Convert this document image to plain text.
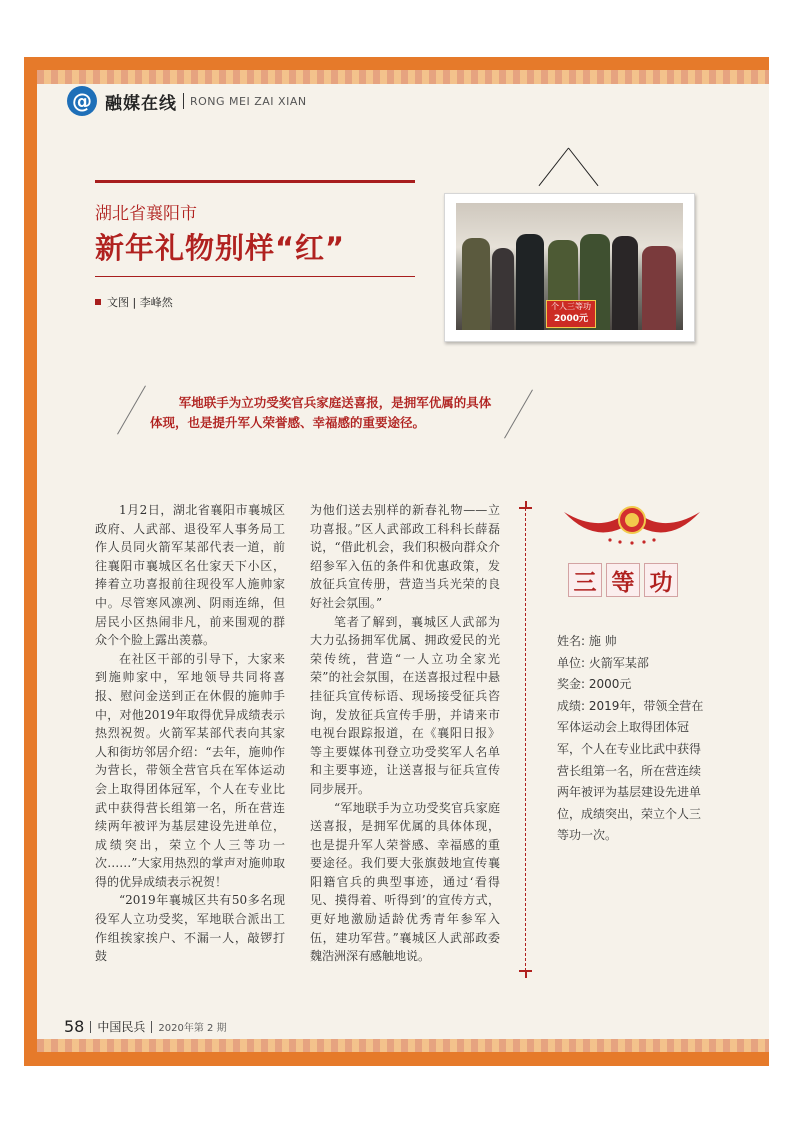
@ 融媒在线 RONG MEI ZAI XIAN
湖北省襄阳市
新年礼物别样“红”
文图 | 李峰然	个人三等功
2000元
军地联手为立功受奖官兵家庭送喜报，是拥军优属的具体体现，也是提升军人荣誉感、幸福感的重要途径。

1月2日，湖北省襄阳市襄城区政府、人武部、退役军人事务局工作人员同火箭军某部代表一道，前往襄阳市襄城区名仕家天下小区，捧着立功喜报前往现役军人施帅家中。尽管寒风凛冽、阴雨连绵，但居民小区热闹非凡，前来围观的群众个个脸上露出羡慕。

在社区干部的引导下，大家来到施帅家中，军地领导共同将喜报、慰问金送到正在休假的施帅手中，对他2019年取得优异成绩表示热烈祝贺。火箭军某部代表向其家人和街坊邻居介绍：“去年，施帅作为营长，带领全营官兵在军体运动会上取得团体冠军，个人在专业比武中获得营长组第一名，所在营连续两年被评为基层建设先进单位，成绩突出，荣立个人三等功一次……”大家用热烈的掌声对施帅取得的优异成绩表示祝贺！

“2019年襄城区共有50多名现役军人立功受奖，军地联合派出工作组挨家挨户、不漏一人，敲锣打鼓

为他们送去别样的新春礼物——立功喜报。”区人武部政工科科长薛磊说，“借此机会，我们积极向群众介绍参军入伍的条件和优惠政策，发放征兵宣传册，营造当兵光荣的良好社会氛围。”

笔者了解到，襄城区人武部为大力弘扬拥军优属、拥政爱民的光荣传统，营造“一人立功全家光荣”的社会氛围，在送喜报过程中悬挂征兵宣传标语、现场接受征兵咨询，发放征兵宣传手册，并请来市电视台跟踪报道，在《襄阳日报》等主要媒体刊登立功受奖军人名单和主要事迹，让送喜报与征兵宣传同步展开。

“军地联手为立功受奖官兵家庭送喜报，是拥军优属的具体体现，也是提升军人荣誉感、幸福感的重要途径。我们要大张旗鼓地宣传襄阳籍官兵的典型事迹，通过‘看得见、摸得着、听得到’的宣传方式，更好地激励适龄优秀青年参军入伍，建功军营。”襄城区人武部政委魏浩洲深有感触地说。

三 等 功
姓名: 施 帅
单位: 火箭军某部
奖金: 2000元
成绩: 2019年，带领全营在军体运动会上取得团体冠军，个人在专业比武中获得营长组第一名，所在营连续两年被评为基层建设先进单位，成绩突出，荣立个人三等功一次。
58 中国民兵 2020年第 2 期
